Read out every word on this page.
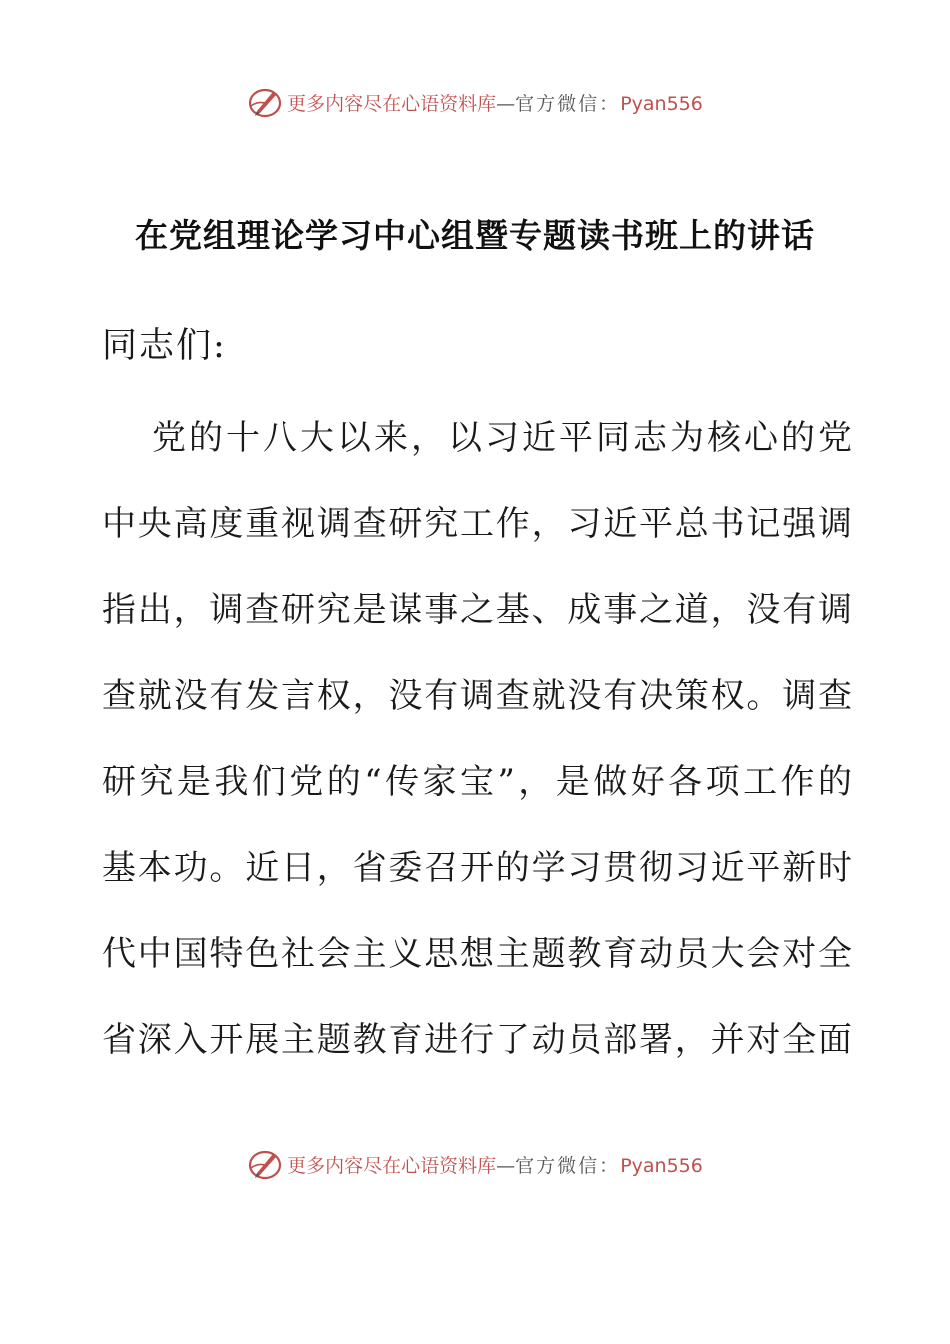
更多内容尽在心语资料库—官方微信：Pyan556
在党组理论学习中心组暨专题读书班上的讲话
同志们:
党的十八大以来，以习近平同志为核心的党
中央高度重视调查研究工作，习近平总书记强调
指出，调查研究是谋事之基、成事之道，没有调
查就没有发言权，没有调查就没有决策权。调查
研究是我们党的“传家宝”，是做好各项工作的
基本功。近日，省委召开的学习贯彻习近平新时
代中国特色社会主义思想主题教育动员大会对全
省深入开展主题教育进行了动员部署，并对全面
更多内容尽在心语资料库—官方微信：Pyan556
